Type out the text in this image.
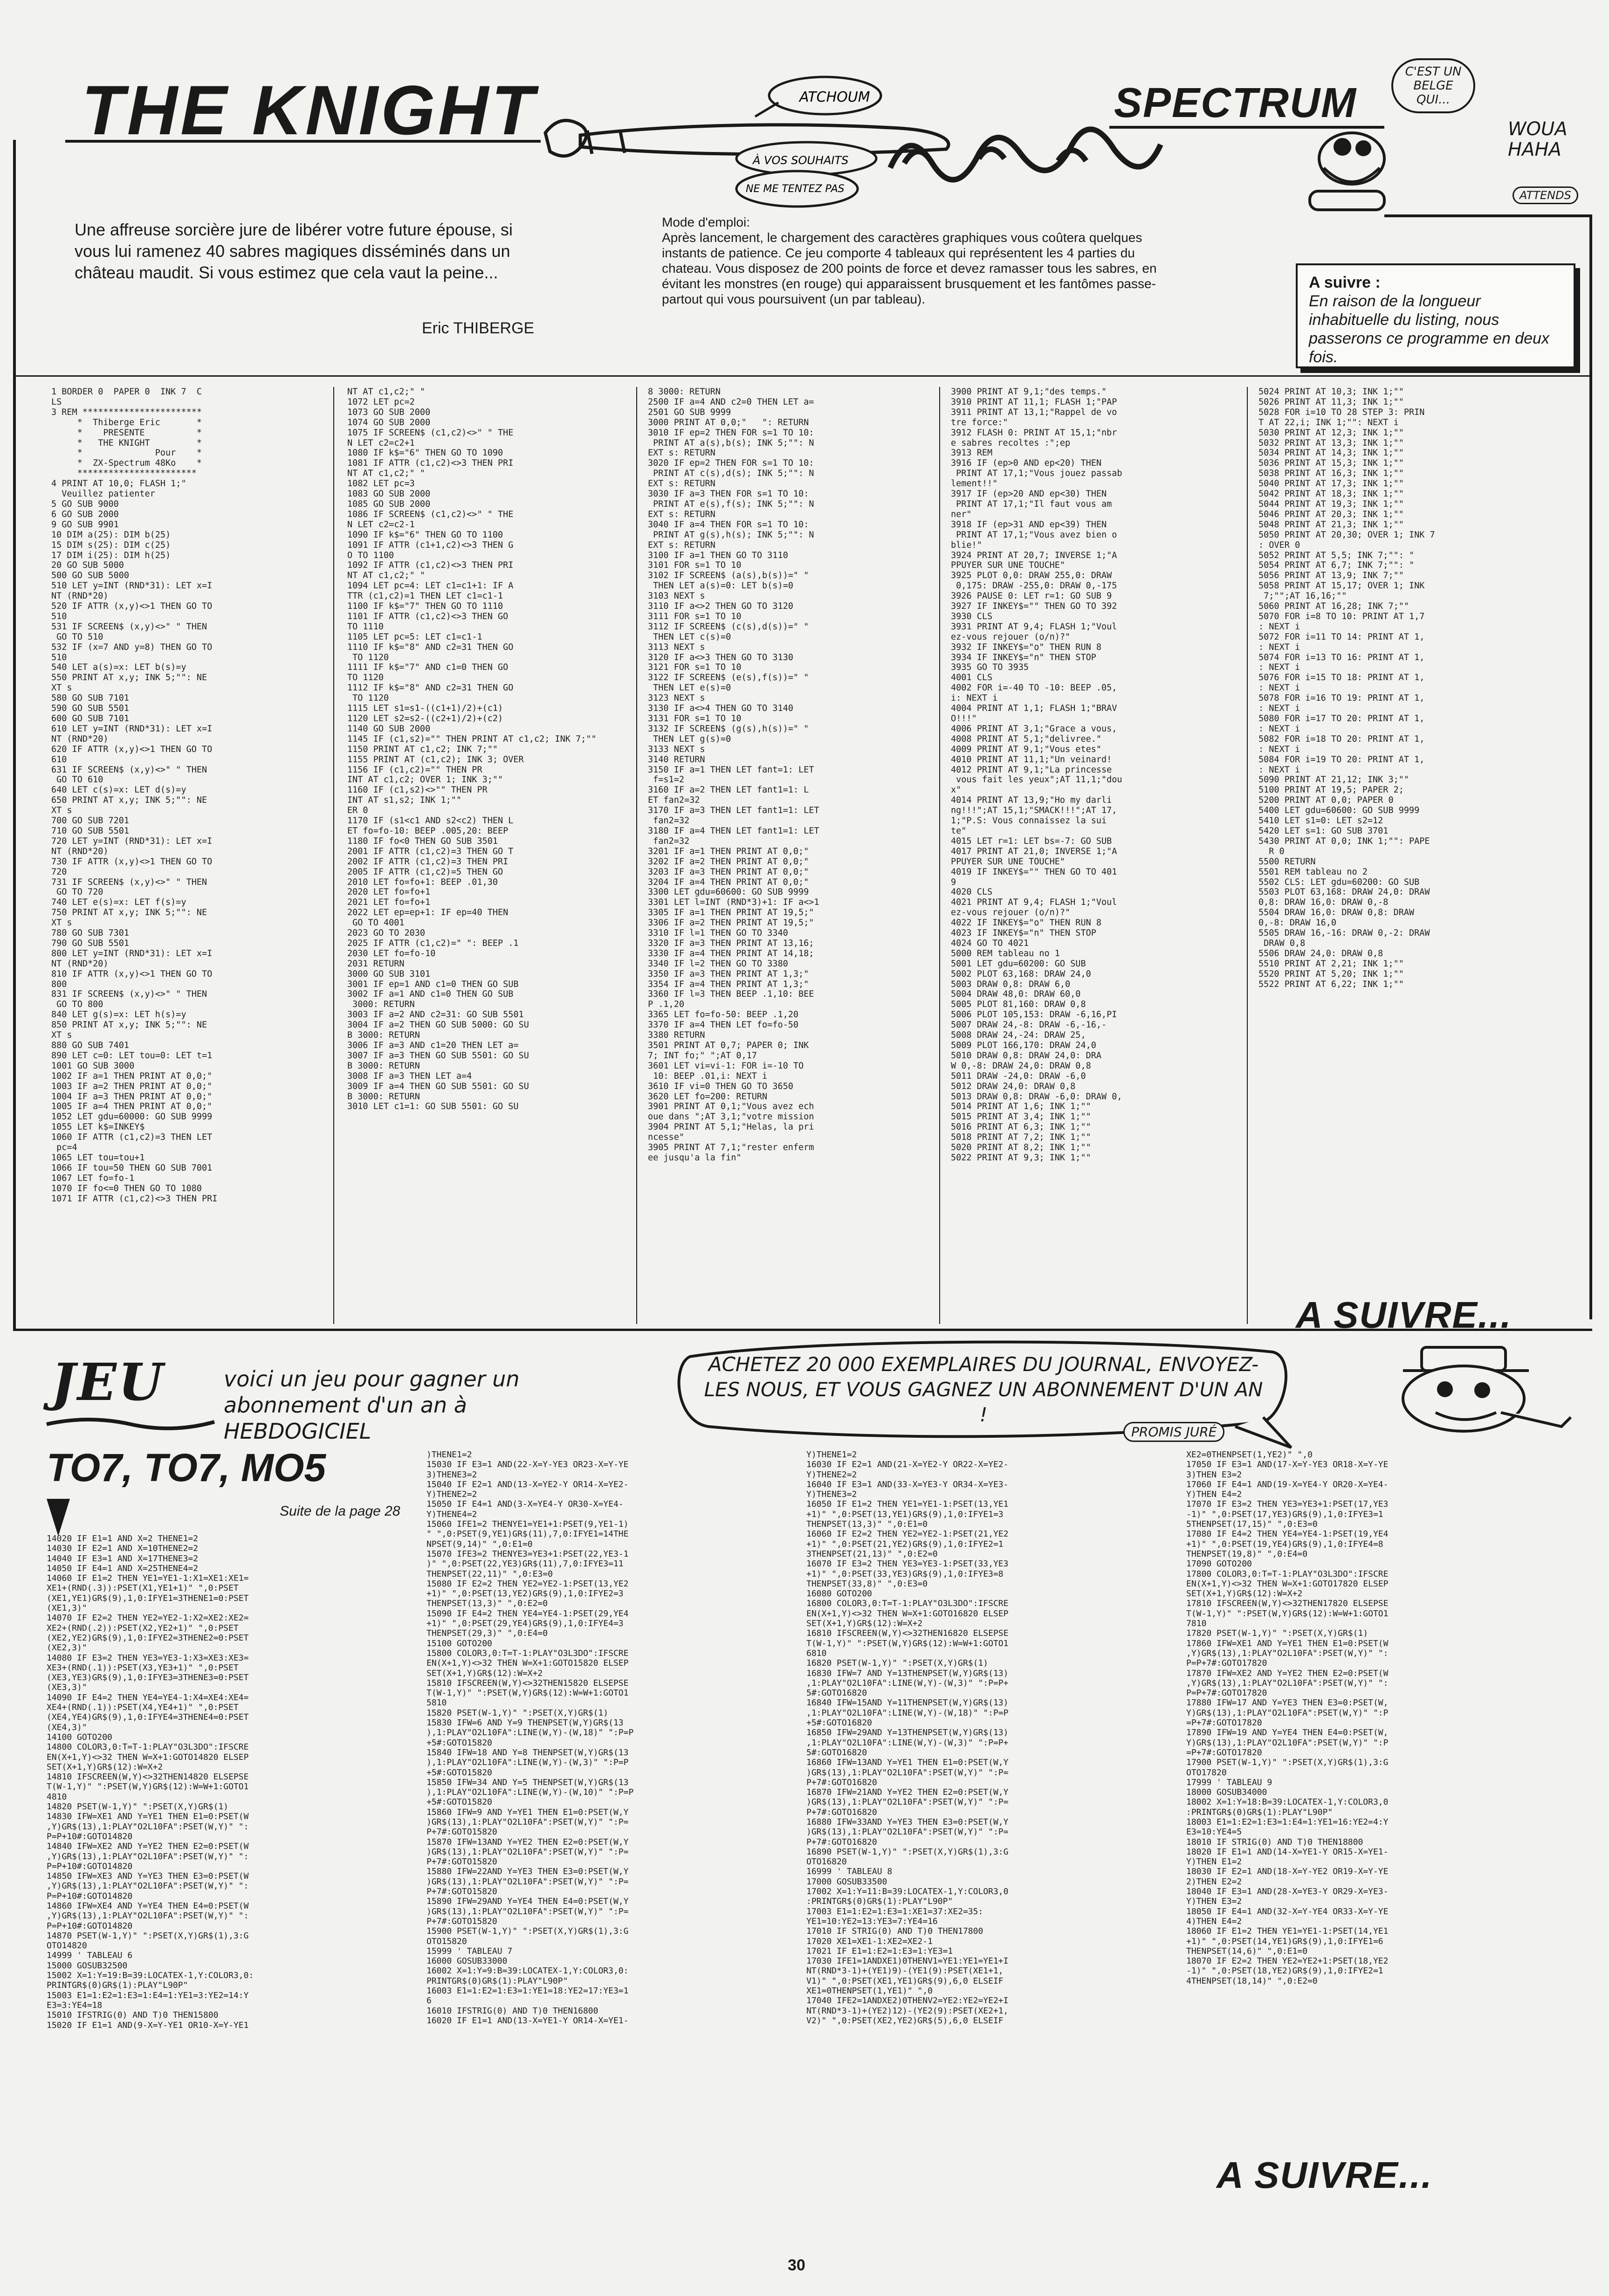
THE KNIGHT	ATCHOUM
À VOS SOUHAITS
NE ME TENTEZ PAS
SPECTRUM
C'EST UN BELGE QUI...
WOUA HAHA
ATTENDS
Une affreuse sorcière jure de libérer votre future épouse, si vous lui ramenez 40 sabres magiques disséminés dans un château maudit. Si vous estimez que cela vaut la peine...
Eric THIBERGE
Mode d'emploi:
Après lancement, le chargement des caractères graphiques vous coûtera quelques instants de patience. Ce jeu comporte 4 tableaux qui représentent les 4 parties du chateau. Vous disposez de 200 points de force et devez ramasser tous les sabres, en évitant les monstres (en rouge) qui apparaissent brusquement et les fantômes passe-partout qui vous poursuivent (un par tableau).
A suivre :
En raison de la longueur inhabituelle du listing, nous passerons ce programme en deux fois.
1 BORDER 0  PAPER 0  INK 7  C
LS
3 REM ***********************
*  Thiberge Eric       *
*    PRESENTE          *
*   THE KNIGHT         *
*              Pour    *
*  ZX-Spectrum 48Ko    *
***********************
4 PRINT AT 10,0; FLASH 1;"
Veuillez patienter
5 GO SUB 9000
6 GO SUB 2000
9 GO SUB 9901
10 DIM a(25): DIM b(25)
15 DIM s(25): DIM c(25)
17 DIM i(25): DIM h(25)
20 GO SUB 5000
500 GO SUB 5000
510 LET y=INT (RND*31): LET x=I
NT (RND*20)
520 IF ATTR (x,y)<>1 THEN GO TO
510
531 IF SCREEN$ (x,y)<>" " THEN
GO TO 510
532 IF (x=7 AND y=8) THEN GO TO
510
540 LET a(s)=x: LET b(s)=y
550 PRINT AT x,y; INK 5;"": NE
XT s
580 GO SUB 7101
590 GO SUB 5501
600 GO SUB 7101
610 LET y=INT (RND*31): LET x=I
NT (RND*20)
620 IF ATTR (x,y)<>1 THEN GO TO
610
631 IF SCREEN$ (x,y)<>" " THEN
GO TO 610
640 LET c(s)=x: LET d(s)=y
650 PRINT AT x,y; INK 5;"": NE
XT s
700 GO SUB 7201
710 GO SUB 5501
720 LET y=INT (RND*31): LET x=I
NT (RND*20)
730 IF ATTR (x,y)<>1 THEN GO TO
720
731 IF SCREEN$ (x,y)<>" " THEN
GO TO 720
740 LET e(s)=x: LET f(s)=y
750 PRINT AT x,y; INK 5;"": NE
XT s
780 GO SUB 7301
790 GO SUB 5501
800 LET y=INT (RND*31): LET x=I
NT (RND*20)
810 IF ATTR (x,y)<>1 THEN GO TO
800
831 IF SCREEN$ (x,y)<>" " THEN
GO TO 800
840 LET g(s)=x: LET h(s)=y
850 PRINT AT x,y; INK 5;"": NE
XT s
880 GO SUB 7401
890 LET c=0: LET tou=0: LET t=1
1001 GO SUB 3000
1002 IF a=1 THEN PRINT AT 0,0;"
1003 IF a=2 THEN PRINT AT 0,0;"
1004 IF a=3 THEN PRINT AT 0,0;"
1005 IF a=4 THEN PRINT AT 0,0;"
1052 LET gdu=60000: GO SUB 9999
1055 LET k$=INKEY$
1060 IF ATTR (c1,c2)=3 THEN LET
pc=4
1065 LET tou=tou+1
1066 IF tou=50 THEN GO SUB 7001
1067 LET fo=fo-1
1070 IF fo<=0 THEN GO TO 1080
1071 IF ATTR (c1,c2)<>3 THEN PRI
NT AT c1,c2;" "
1072 LET pc=2
1073 GO SUB 2000
1074 GO SUB 2000
1075 IF SCREEN$ (c1,c2)<>" " THE
N LET c2=c2+1
1080 IF k$="6" THEN GO TO 1090
1081 IF ATTR (c1,c2)<>3 THEN PRI
NT AT c1,c2;" "
1082 LET pc=3
1083 GO SUB 2000
1085 GO SUB 2000
1086 IF SCREEN$ (c1,c2)<>" " THE
N LET c2=c2-1
1090 IF k$="6" THEN GO TO 1100
1091 IF ATTR (c1+1,c2)<>3 THEN G
O TO 1100
1092 IF ATTR (c1,c2)<>3 THEN PRI
NT AT c1,c2;" "
1094 LET pc=4: LET c1=c1+1: IF A
TTR (c1,c2)=1 THEN LET c1=c1-1
1100 IF k$="7" THEN GO TO 1110
1101 IF ATTR (c1,c2)<>3 THEN GO
TO 1110
1105 LET pc=5: LET c1=c1-1
1110 IF k$="8" AND c2=31 THEN GO
TO 1120
1111 IF k$="7" AND c1=0 THEN GO
TO 1120
1112 IF k$="8" AND c2=31 THEN GO
TO 1120
1115 LET s1=s1-((c1+1)/2)+(c1)
1120 LET s2=s2-((c2+1)/2)+(c2)
1140 GO SUB 2000
1145 IF (c1,s2)="" THEN PRINT AT c1,c2; INK 7;""
1150 PRINT AT c1,c2; INK 7;""
1155 PRINT AT (c1,c2); INK 3; OVER
1156 IF (c1,c2)="" THEN PR
INT AT c1,c2; OVER 1; INK 3;""
1160 IF (c1,s2)<>"" THEN PR
INT AT s1,s2; INK 1;""
ER 0
1170 IF (s1<c1 AND s2<c2) THEN L
ET fo=fo-10: BEEP .005,20: BEEP
1180 IF fo<0 THEN GO SUB 3501
2001 IF ATTR (c1,c2)=3 THEN GO T
2002 IF ATTR (c1,c2)=3 THEN PRI
2005 IF ATTR (c1,c2)=5 THEN GO
2010 LET fo=fo+1: BEEP .01,30
2020 LET fo=fo+1
2021 LET fo=fo+1
2022 LET ep=ep+1: IF ep=40 THEN
GO TO 4001
2023 GO TO 2030
2025 IF ATTR (c1,c2)=" ": BEEP .1
2030 LET fo=fo-10
2031 RETURN
3000 GO SUB 3101
3001 IF ep=1 AND c1=0 THEN GO SUB
3002 IF a=1 AND c1=0 THEN GO SUB
3000: RETURN
3003 IF a=2 AND c2=31: GO SUB 5501
3004 IF a=2 THEN GO SUB 5000: GO SU
B 3000: RETURN
3006 IF a=3 AND c1=20 THEN LET a=
3007 IF a=3 THEN GO SUB 5501: GO SU
B 3000: RETURN
3008 IF a=3 THEN LET a=4
3009 IF a=4 THEN GO SUB 5501: GO SU
B 3000: RETURN
3010 LET c1=1: GO SUB 5501: GO SU
8 3000: RETURN
2500 IF a=4 AND c2=0 THEN LET a=
2501 GO SUB 9999
3000 PRINT AT 0,0;"   ": RETURN
3010 IF ep=2 THEN FOR s=1 TO 10:
PRINT AT a(s),b(s); INK 5;"": N
EXT s: RETURN
3020 IF ep=2 THEN FOR s=1 TO 10:
PRINT AT c(s),d(s); INK 5;"": N
EXT s: RETURN
3030 IF a=3 THEN FOR s=1 TO 10:
PRINT AT e(s),f(s); INK 5;"": N
EXT s: RETURN
3040 IF a=4 THEN FOR s=1 TO 10:
PRINT AT g(s),h(s); INK 5;"": N
EXT s: RETURN
3100 IF a=1 THEN GO TO 3110
3101 FOR s=1 TO 10
3102 IF SCREEN$ (a(s),b(s))=" "
THEN LET a(s)=0: LET b(s)=0
3103 NEXT s
3110 IF a<>2 THEN GO TO 3120
3111 FOR s=1 TO 10
3112 IF SCREEN$ (c(s),d(s))=" "
THEN LET c(s)=0
3113 NEXT s
3120 IF a<>3 THEN GO TO 3130
3121 FOR s=1 TO 10
3122 IF SCREEN$ (e(s),f(s))=" "
THEN LET e(s)=0
3123 NEXT s
3130 IF a<>4 THEN GO TO 3140
3131 FOR s=1 TO 10
3132 IF SCREEN$ (g(s),h(s))=" "
THEN LET g(s)=0
3133 NEXT s
3140 RETURN
3150 IF a=1 THEN LET fant=1: LET
f=s1=2
3160 IF a=2 THEN LET fant1=1: L
ET fan2=32
3170 IF a=3 THEN LET fant1=1: LET
fan2=32
3180 IF a=4 THEN LET fant1=1: LET
fan2=32
3201 IF a=1 THEN PRINT AT 0,0;"
3202 IF a=2 THEN PRINT AT 0,0;"
3203 IF a=3 THEN PRINT AT 0,0;"
3204 IF a=4 THEN PRINT AT 0,0;"
3300 LET gdu=60600: GO SUB 9999
3301 LET l=INT (RND*3)+1: IF a<>1
3305 IF a=1 THEN PRINT AT 19,5;"
3306 IF a=2 THEN PRINT AT 19,5;"
3310 IF l=1 THEN GO TO 3340
3320 IF a=3 THEN PRINT AT 13,16;
3330 IF a=4 THEN PRINT AT 14,18;
3340 IF l=2 THEN GO TO 3380
3350 IF a=3 THEN PRINT AT 1,3;"
3354 IF a=4 THEN PRINT AT 1,3;"
3360 IF l=3 THEN BEEP .1,10: BEE
P .1,20
3365 LET fo=fo-50: BEEP .1,20
3370 IF a=4 THEN LET fo=fo-50
3380 RETURN
3501 PRINT AT 0,7; PAPER 0; INK
7; INT fo;" ";AT 0,17
3601 LET vi=vi-1: FOR i=-10 TO
10: BEEP .01,i: NEXT i
3610 IF vi=0 THEN GO TO 3650
3620 LET fo=200: RETURN
3901 PRINT AT 0,1;"Vous avez ech
oue dans ";AT 3,1;"votre mission
3904 PRINT AT 5,1;"Helas, la pri
ncesse"
3905 PRINT AT 7,1;"rester enferm
ee jusqu'a la fin"
3900 PRINT AT 9,1;"des temps."
3910 PRINT AT 11,1; FLASH 1;"PAP
3911 PRINT AT 13,1;"Rappel de vo
tre force:"
3912 FLASH 0: PRINT AT 15,1;"nbr
e sabres recoltes :";ep
3913 REM
3916 IF (ep>0 AND ep<20) THEN
PRINT AT 17,1;"Vous jouez passab
lement!!"
3917 IF (ep>20 AND ep<30) THEN
PRINT AT 17,1;"Il faut vous am
ner"
3918 IF (ep>31 AND ep<39) THEN
PRINT AT 17,1;"Vous avez bien o
blie!"
3924 PRINT AT 20,7; INVERSE 1;"A
PPUYER SUR UNE TOUCHE"
3925 PLOT 0,0: DRAW 255,0: DRAW
0,175: DRAW -255,0: DRAW 0,-175
3926 PAUSE 0: LET r=1: GO SUB 9
3927 IF INKEY$="" THEN GO TO 392
3930 CLS
3931 PRINT AT 9,4; FLASH 1;"Voul
ez-vous rejouer (o/n)?"
3932 IF INKEY$="o" THEN RUN 8
3934 IF INKEY$="n" THEN STOP
3935 GO TO 3935
4001 CLS
4002 FOR i=-40 TO -10: BEEP .05,
i: NEXT i
4004 PRINT AT 1,1; FLASH 1;"BRAV
O!!!"
4006 PRINT AT 3,1;"Grace a vous,
4008 PRINT AT 5,1;"delivree."
4009 PRINT AT 9,1;"Vous etes"
4010 PRINT AT 11,1;"Un veinard!
4012 PRINT AT 9,1;"La princesse
vous fait les yeux";AT 11,1;"dou
x"
4014 PRINT AT 13,9;"Ho my darli
ng!!!";AT 15,1;"SMACK!!!";AT 17,
1;"P.S: Vous connaissez la sui
te"
4015 LET r=1: LET bs=-7: GO SUB
4017 PRINT AT 21,0; INVERSE 1;"A
PPUYER SUR UNE TOUCHE"
4019 IF INKEY$="" THEN GO TO 401
9
4020 CLS
4021 PRINT AT 9,4; FLASH 1;"Voul
ez-vous rejouer (o/n)?"
4022 IF INKEY$="o" THEN RUN 8
4023 IF INKEY$="n" THEN STOP
4024 GO TO 4021
5000 REM tableau no 1
5001 LET gdu=60200: GO SUB
5002 PLOT 63,168: DRAW 24,0
5003 DRAW 0,8: DRAW 6,0
5004 DRAW 48,0: DRAW 60,0
5005 PLOT 81,160: DRAW 0,8
5006 PLOT 105,153: DRAW -6,16,PI
5007 DRAW 24,-8: DRAW -6,-16,-
5008 DRAW 24,-24: DRAW 25,
5009 PLOT 166,170: DRAW 24,0
5010 DRAW 0,8: DRAW 24,0: DRA
W 0,-8: DRAW 24,0: DRAW 0,8
5011 DRAW -24,0: DRAW -6,0
5012 DRAW 24,0: DRAW 0,8
5013 DRAW 0,8: DRAW -6,0: DRAW 0,
5014 PRINT AT 1,6; INK 1;""
5015 PRINT AT 3,4; INK 1;""
5016 PRINT AT 6,3; INK 1;""
5018 PRINT AT 7,2; INK 1;""
5020 PRINT AT 8,2; INK 1;""
5022 PRINT AT 9,3; INK 1;""
5024 PRINT AT 10,3; INK 1;""
5026 PRINT AT 11,3; INK 1;""
5028 FOR i=10 TO 28 STEP 3: PRIN
T AT 22,i; INK 1;"": NEXT i
5030 PRINT AT 12,3; INK 1;""
5032 PRINT AT 13,3; INK 1;""
5034 PRINT AT 14,3; INK 1;""
5036 PRINT AT 15,3; INK 1;""
5038 PRINT AT 16,3; INK 1;""
5040 PRINT AT 17,3; INK 1;""
5042 PRINT AT 18,3; INK 1;""
5044 PRINT AT 19,3; INK 1;""
5046 PRINT AT 20,3; INK 1;""
5048 PRINT AT 21,3; INK 1;""
5050 PRINT AT 20,30; OVER 1; INK 7
: OVER 0
5052 PRINT AT 5,5; INK 7;"": "
5054 PRINT AT 6,7; INK 7;"": "
5056 PRINT AT 13,9; INK 7;""
5058 PRINT AT 15,17; OVER 1; INK
7;"";AT 16,16;""
5060 PRINT AT 16,28; INK 7;""
5070 FOR i=8 TO 10: PRINT AT 1,7
: NEXT i
5072 FOR i=11 TO 14: PRINT AT 1,
: NEXT i
5074 FOR i=13 TO 16: PRINT AT 1,
: NEXT i
5076 FOR i=15 TO 18: PRINT AT 1,
: NEXT i
5078 FOR i=16 TO 19: PRINT AT 1,
: NEXT i
5080 FOR i=17 TO 20: PRINT AT 1,
: NEXT i
5082 FOR i=18 TO 20: PRINT AT 1,
: NEXT i
5084 FOR i=19 TO 20: PRINT AT 1,
: NEXT i
5090 PRINT AT 21,12; INK 3;""
5100 PRINT AT 19,5; PAPER 2;
5200 PRINT AT 0,0; PAPER 0
5400 LET gdu=60600: GO SUB 9999
5410 LET s1=0: LET s2=12
5420 LET s=1: GO SUB 3701
5430 PRINT AT 0,0; INK 1;"": PAPE
R 0
5500 RETURN
5501 REM tableau no 2
5502 CLS: LET gdu=60200: GO SUB
5503 PLOT 63,168: DRAW 24,0: DRAW
0,8: DRAW 16,0: DRAW 0,-8
5504 DRAW 16,0: DRAW 0,8: DRAW
0,-8: DRAW 16,0
5505 DRAW 16,-16: DRAW 0,-2: DRAW
DRAW 0,8
5506 DRAW 24,0: DRAW 0,8
5510 PRINT AT 2,21; INK 1;""
5520 PRINT AT 5,20; INK 1;""
5522 PRINT AT 6,22; INK 1;""
A SUIVRE...
JEU	voici un jeu pour gagner un abonnement d'un an à HEBDOGICIEL
ACHETEZ 20 000 EXEMPLAIRES DU JOURNAL, ENVOYEZ-LES NOUS, ET VOUS GAGNEZ UN ABONNEMENT D'UN AN !
PROMIS JURÉ
TO7, TO7, MO5
Suite de la page 28
14020 IF E1=1 AND X=2 THENE1=2
14030 IF E2=1 AND X=10THENE2=2
14040 IF E3=1 AND X=17THENE3=2
14050 IF E4=1 AND X=25THENE4=2
14060 IF E1=2 THEN YE1=YE1-1:X1=XE1:XE1=
XE1+(RND(.3)):PSET(X1,YE1+1)" ",0:PSET
(XE1,YE1)GR$(9),1,0:IFYE1=3THENE1=0:PSET
(XE1,3)"
14070 IF E2=2 THEN YE2=YE2-1:X2=XE2:XE2=
XE2+(RND(.2)):PSET(X2,YE2+1)" ",0:PSET
(XE2,YE2)GR$(9),1,0:IFYE2=3THENE2=0:PSET
(XE2,3)"
14080 IF E3=2 THEN YE3=YE3-1:X3=XE3:XE3=
XE3+(RND(.1)):PSET(X3,YE3+1)" ",0:PSET
(XE3,YE3)GR$(9),1,0:IFYE3=3THENE3=0:PSET
(XE3,3)"
14090 IF E4=2 THEN YE4=YE4-1:X4=XE4:XE4=
XE4+(RND(.1)):PSET(X4,YE4+1)" ",0:PSET
(XE4,YE4)GR$(9),1,0:IFYE4=3THENE4=0:PSET
(XE4,3)"
14100 GOTO200
14800 COLOR3,0:T=T-1:PLAY"O3L3DO":IFSCRE
EN(X+1,Y)<>32 THEN W=X+1:GOTO14820 ELSEP
SET(X+1,Y)GR$(12):W=X+2
14810 IFSCREEN(W,Y)<>32THEN14820 ELSEPSE
T(W-1,Y)" ":PSET(W,Y)GR$(12):W=W+1:GOTO1
4810
14820 PSET(W-1,Y)" ":PSET(X,Y)GR$(1)
14830 IFW=XE1 AND Y=YE1 THEN E1=0:PSET(W
,Y)GR$(13),1:PLAY"O2L10FA":PSET(W,Y)" ":
P=P+10#:GOTO14820
14840 IFW=XE2 AND Y=YE2 THEN E2=0:PSET(W
,Y)GR$(13),1:PLAY"O2L10FA":PSET(W,Y)" ":
P=P+10#:GOTO14820
14850 IFW=XE3 AND Y=YE3 THEN E3=0:PSET(W
,Y)GR$(13),1:PLAY"O2L10FA":PSET(W,Y)" ":
P=P+10#:GOTO14820
14860 IFW=XE4 AND Y=YE4 THEN E4=0:PSET(W
,Y)GR$(13),1:PLAY"O2L10FA":PSET(W,Y)" ":
P=P+10#:GOTO14820
14870 PSET(W-1,Y)" ":PSET(X,Y)GR$(1),3:G
OTO14820
14999 ' TABLEAU 6
15000 GOSUB32500
15002 X=1:Y=19:B=39:LOCATEX-1,Y:COLOR3,0:
PRINTGR$(0)GR$(1):PLAY"L90P"
15003 E1=1:E2=1:E3=1:E4=1:YE1=3:YE2=14:Y
E3=3:YE4=18
15010 IFSTRIG(0) AND T)0 THEN15800
15020 IF E1=1 AND(9-X=Y-YE1 OR10-X=Y-YE1
)THENE1=2
15030 IF E3=1 AND(22-X=Y-YE3 OR23-X=Y-YE
3)THENE3=2
15040 IF E2=1 AND(13-X=YE2-Y OR14-X=YE2-
Y)THENE2=2
15050 IF E4=1 AND(3-X=YE4-Y OR30-X=YE4-
Y)THENE4=2
15060 IFE1=2 THENYE1=YE1+1:PSET(9,YE1-1)
" ",0:PSET(9,YE1)GR$(11),7,0:IFYE1=14THE
NPSET(9,14)" ",0:E1=0
15070 IFE3=2 THENYE3=YE3+1:PSET(22,YE3-1
)" ",0:PSET(22,YE3)GR$(11),7,0:IFYE3=11
THENPSET(22,11)" ",0:E3=0
15080 IF E2=2 THEN YE2=YE2-1:PSET(13,YE2
+1)" ",0:PSET(13,YE2)GR$(9),1,0:IFYE2=3
THENPSET(13,3)" ",0:E2=0
15090 IF E4=2 THEN YE4=YE4-1:PSET(29,YE4
+1)" ",0:PSET(29,YE4)GR$(9),1,0:IFYE4=3
THENPSET(29,3)" ",0:E4=0
15100 GOTO200
15800 COLOR3,0:T=T-1:PLAY"O3L3DO":IFSCRE
EN(X+1,Y)<>32 THEN W=X+1:GOTO15820 ELSEP
SET(X+1,Y)GR$(12):W=X+2
15810 IFSCREEN(W,Y)<>32THEN15820 ELSEPSE
T(W-1,Y)" ":PSET(W,Y)GR$(12):W=W+1:GOTO1
5810
15820 PSET(W-1,Y)" ":PSET(X,Y)GR$(1)
15830 IFW=6 AND Y=9 THENPSET(W,Y)GR$(13
),1:PLAY"O2L10FA":LINE(W,Y)-(W,18)" ":P=P
+5#:GOTO15820
15840 IFW=18 AND Y=8 THENPSET(W,Y)GR$(13
),1:PLAY"O2L10FA":LINE(W,Y)-(W,3)" ":P=P
+5#:GOTO15820
15850 IFW=34 AND Y=5 THENPSET(W,Y)GR$(13
),1:PLAY"O2L10FA":LINE(W,Y)-(W,10)" ":P=P
+5#:GOTO15820
15860 IFW=9 AND Y=YE1 THEN E1=0:PSET(W,Y
)GR$(13),1:PLAY"O2L10FA":PSET(W,Y)" ":P=
P+7#:GOTO15820
15870 IFW=13AND Y=YE2 THEN E2=0:PSET(W,Y
)GR$(13),1:PLAY"O2L10FA":PSET(W,Y)" ":P=
P+7#:GOTO15820
15880 IFW=22AND Y=YE3 THEN E3=0:PSET(W,Y
)GR$(13),1:PLAY"O2L10FA":PSET(W,Y)" ":P=
P+7#:GOTO15820
15890 IFW=29AND Y=YE4 THEN E4=0:PSET(W,Y
)GR$(13),1:PLAY"O2L10FA":PSET(W,Y)" ":P=
P+7#:GOTO15820
15900 PSET(W-1,Y)" ":PSET(X,Y)GR$(1),3:G
OTO15820
15999 ' TABLEAU 7
16000 GOSUB33000
16002 X=1:Y=9:B=39:LOCATEX-1,Y:COLOR3,0:
PRINTGR$(0)GR$(1):PLAY"L90P"
16003 E1=1:E2=1:E3=1:YE1=18:YE2=17:YE3=1
6
16010 IFSTRIG(0) AND T)0 THEN16800
16020 IF E1=1 AND(13-X=YE1-Y OR14-X=YE1-
Y)THENE1=2
16030 IF E2=1 AND(21-X=YE2-Y OR22-X=YE2-
Y)THENE2=2
16040 IF E3=1 AND(33-X=YE3-Y OR34-X=YE3-
Y)THENE3=2
16050 IF E1=2 THEN YE1=YE1-1:PSET(13,YE1
+1)" ",0:PSET(13,YE1)GR$(9),1,0:IFYE1=3
THENPSET(13,3)" ",0:E1=0
16060 IF E2=2 THEN YE2=YE2-1:PSET(21,YE2
+1)" ",0:PSET(21,YE2)GR$(9),1,0:IFYE2=1
3THENPSET(21,13)" ",0:E2=0
16070 IF E3=2 THEN YE3=YE3-1:PSET(33,YE3
+1)" ",0:PSET(33,YE3)GR$(9),1,0:IFYE3=8
THENPSET(33,8)" ",0:E3=0
16080 GOTO200
16800 COLOR3,0:T=T-1:PLAY"O3L3DO":IFSCRE
EN(X+1,Y)<>32 THEN W=X+1:GOTO16820 ELSEP
SET(X+1,Y)GR$(12):W=X+2
16810 IFSCREEN(W,Y)<>32THEN16820 ELSEPSE
T(W-1,Y)" ":PSET(W,Y)GR$(12):W=W+1:GOTO1
6810
16820 PSET(W-1,Y)" ":PSET(X,Y)GR$(1)
16830 IFW=7 AND Y=13THENPSET(W,Y)GR$(13)
,1:PLAY"O2L10FA":LINE(W,Y)-(W,3)" ":P=P+
5#:GOTO16820
16840 IFW=15AND Y=11THENPSET(W,Y)GR$(13)
,1:PLAY"O2L10FA":LINE(W,Y)-(W,18)" ":P=P
+5#:GOTO16820
16850 IFW=29AND Y=13THENPSET(W,Y)GR$(13)
,1:PLAY"O2L10FA":LINE(W,Y)-(W,3)" ":P=P+
5#:GOTO16820
16860 IFW=13AND Y=YE1 THEN E1=0:PSET(W,Y
)GR$(13),1:PLAY"O2L10FA":PSET(W,Y)" ":P=
P+7#:GOTO16820
16870 IFW=21AND Y=YE2 THEN E2=0:PSET(W,Y
)GR$(13),1:PLAY"O2L10FA":PSET(W,Y)" ":P=
P+7#:GOTO16820
16880 IFW=33AND Y=YE3 THEN E3=0:PSET(W,Y
)GR$(13),1:PLAY"O2L10FA":PSET(W,Y)" ":P=
P+7#:GOTO16820
16890 PSET(W-1,Y)" ":PSET(X,Y)GR$(1),3:G
OTO16820
16999 ' TABLEAU 8
17000 GOSUB33500
17002 X=1:Y=11:B=39:LOCATEX-1,Y:COLOR3,0
:PRINTGR$(0)GR$(1):PLAY"L90P"
17003 E1=1:E2=1:E3=1:XE1=37:XE2=35:
YE1=10:YE2=13:YE3=7:YE4=16
17010 IF STRIG(0) AND T)0 THEN17800
17020 XE1=XE1-1:XE2=XE2-1
17021 IF E1=1:E2=1:E3=1:YE3=1
17030 IFE1=1ANDXE1)0THENV1=YE1:YE1=YE1+I
NT(RND*3-1)+(YE1)9)-(YE1(9):PSET(XE1+1,
V1)" ",0:PSET(XE1,YE1)GR$(9),6,0 ELSEIF
XE1=0THENPSET(1,YE1)" ",0
17040 IFE2=1ANDXE2)0THENV2=YE2:YE2=YE2+I
NT(RND*3-1)+(YE2)12)-(YE2(9):PSET(XE2+1,
V2)" ",0:PSET(XE2,YE2)GR$(5),6,0 ELSEIF
XE2=0THENPSET(1,YE2)" ",0
17050 IF E3=1 AND(17-X=Y-YE3 OR18-X=Y-YE
3)THEN E3=2
17060 IF E4=1 AND(19-X=YE4-Y OR20-X=YE4-
Y)THEN E4=2
17070 IF E3=2 THEN YE3=YE3+1:PSET(17,YE3
-1)" ",0:PSET(17,YE3)GR$(9),1,0:IFYE3=1
5THENPSET(17,15)" ",0:E3=0
17080 IF E4=2 THEN YE4=YE4-1:PSET(19,YE4
+1)" ",0:PSET(19,YE4)GR$(9),1,0:IFYE4=8
THENPSET(19,8)" ",0:E4=0
17090 GOTO200
17800 COLOR3,0:T=T-1:PLAY"O3L3DO":IFSCRE
EN(X+1,Y)<>32 THEN W=X+1:GOTO17820 ELSEP
SET(X+1,Y)GR$(12):W=X+2
17810 IFSCREEN(W,Y)<>32THEN17820 ELSEPSE
T(W-1,Y)" ":PSET(W,Y)GR$(12):W=W+1:GOTO1
7810
17820 PSET(W-1,Y)" ":PSET(X,Y)GR$(1)
17860 IFW=XE1 AND Y=YE1 THEN E1=0:PSET(W
,Y)GR$(13),1:PLAY"O2L10FA":PSET(W,Y)" ":
P=P+7#:GOTO17820
17870 IFW=XE2 AND Y=YE2 THEN E2=0:PSET(W
,Y)GR$(13),1:PLAY"O2L10FA":PSET(W,Y)" ":
P=P+7#:GOTO17820
17880 IFW=17 AND Y=YE3 THEN E3=0:PSET(W,
Y)GR$(13),1:PLAY"O2L10FA":PSET(W,Y)" ":P
=P+7#:GOTO17820
17890 IFW=19 AND Y=YE4 THEN E4=0:PSET(W,
Y)GR$(13),1:PLAY"O2L10FA":PSET(W,Y)" ":P
=P+7#:GOTO17820
17900 PSET(W-1,Y)" ":PSET(X,Y)GR$(1),3:G
OTO17820
17999 ' TABLEAU 9
18000 GOSUB34000
18002 X=1:Y=18:B=39:LOCATEX-1,Y:COLOR3,0
:PRINTGR$(0)GR$(1):PLAY"L90P"
18003 E1=1:E2=1:E3=1:E4=1:YE1=16:YE2=4:Y
E3=10:YE4=5
18010 IF STRIG(0) AND T)0 THEN18800
18020 IF E1=1 AND(14-X=YE1-Y OR15-X=YE1-
Y)THEN E1=2
18030 IF E2=1 AND(18-X=Y-YE2 OR19-X=Y-YE
2)THEN E2=2
18040 IF E3=1 AND(28-X=YE3-Y OR29-X=YE3-
Y)THEN E3=2
18050 IF E4=1 AND(32-X=Y-YE4 OR33-X=Y-YE
4)THEN E4=2
18060 IF E1=2 THEN YE1=YE1-1:PSET(14,YE1
+1)" ",0:PSET(14,YE1)GR$(9),1,0:IFYE1=6
THENPSET(14,6)" ",0:E1=0
18070 IF E2=2 THEN YE2=YE2+1:PSET(18,YE2
-1)" ",0:PSET(18,YE2)GR$(9),1,0:IFYE2=1
4THENPSET(18,14)" ",0:E2=0
A SUIVRE...
30
